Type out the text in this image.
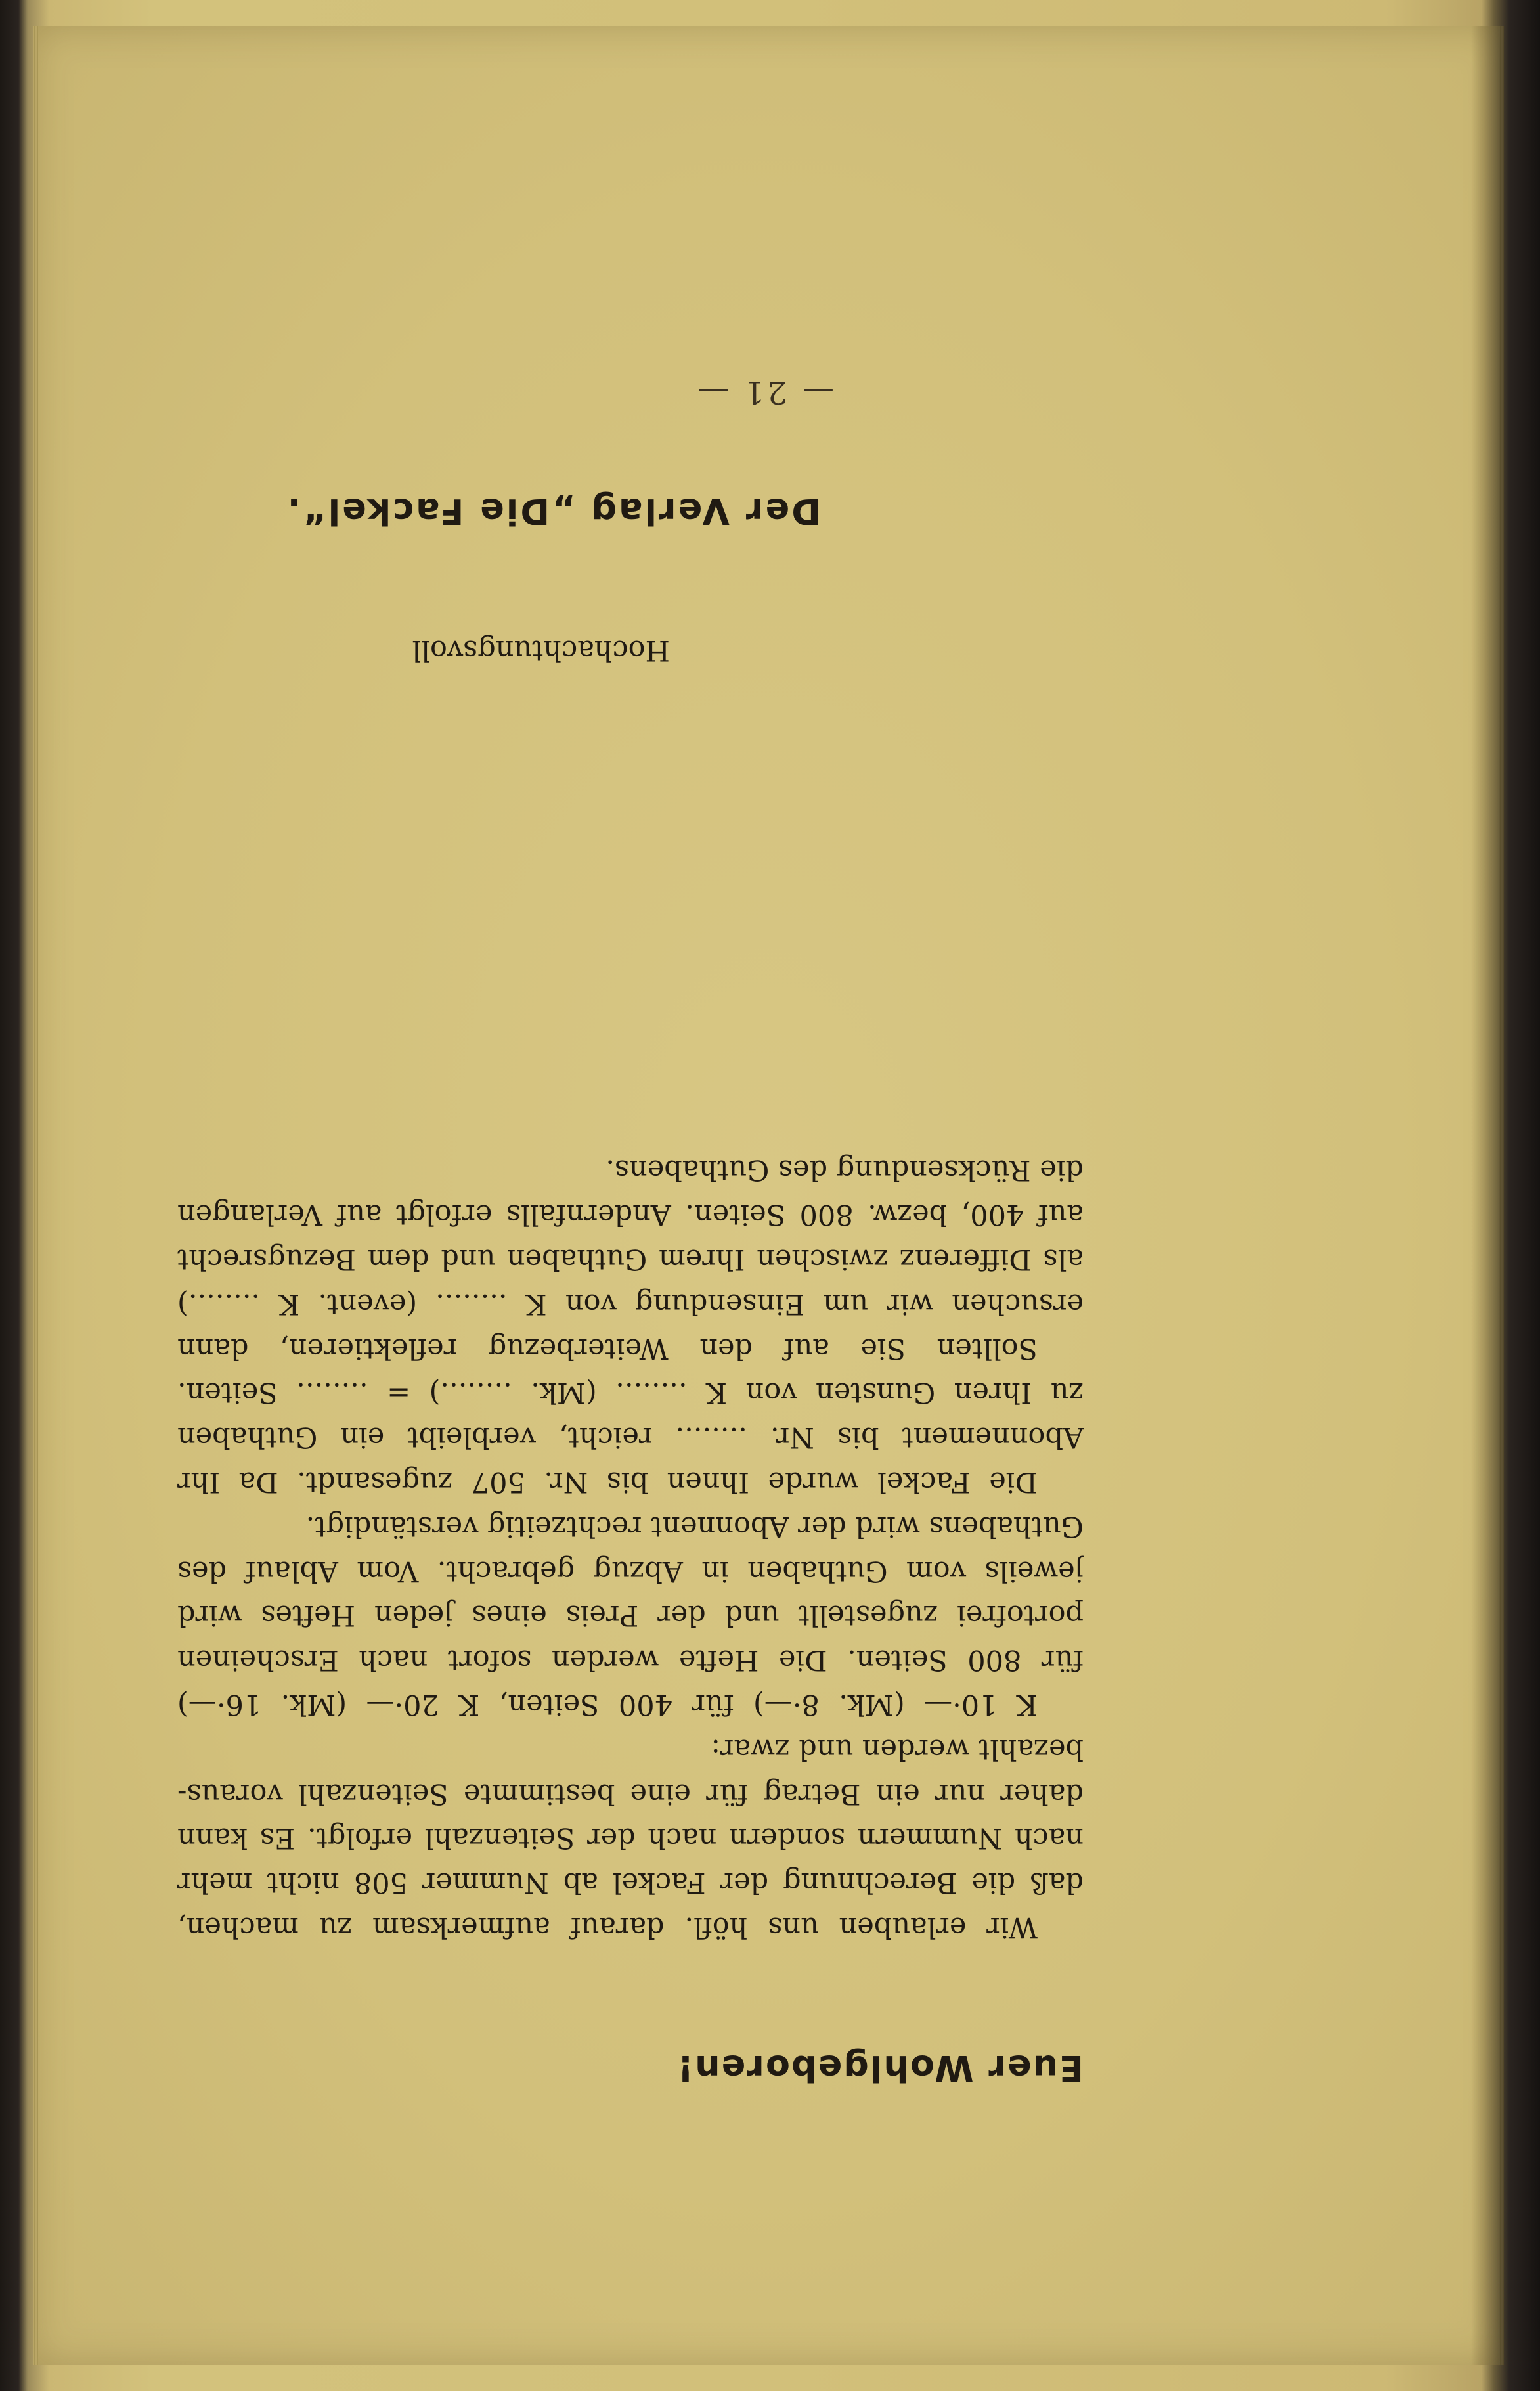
Euer Wohlgeboren!
Wir erlauben uns höfl. darauf aufmerksam zu machen,
daß die Berechnung der Fackel ab Nummer 508 nicht mehr
nach Nummern sondern nach der Seitenzahl erfolgt. Es kann
daher nur ein Betrag für eine bestimmte Seitenzahl voraus-
bezahlt werden und zwar:
K 10·— (Mk. 8·—) für 400 Seiten, K 20·— (Mk. 16·—)
für 800 Seiten. Die Hefte werden sofort nach Erscheinen
portofrei zugestellt und der Preis eines jeden Heftes wird
jeweils vom Guthaben in Abzug gebracht. Vom Ablauf des
Guthabens wird der Abonnent rechtzeitig verständigt.
Die Fackel wurde Ihnen bis Nr. 507 zugesandt. Da Ihr
Abonnement bis Nr. ........ reicht, verbleibt ein Guthaben
zu Ihren Gunsten von K ........ (Mk. ........) = ........ Seiten.
Sollten Sie auf den Weiterbezug reflektieren, dann
ersuchen wir um Einsendung von K ........ (event. K ........)
als Differenz zwischen Ihrem Guthaben und dem Bezugsrecht
auf 400, bezw. 800 Seiten. Andernfalls erfolgt auf Verlangen
die Rücksendung des Guthabens.
Hochachtungsvoll
Der Verlag „Die Fackel“.
— 21 —
